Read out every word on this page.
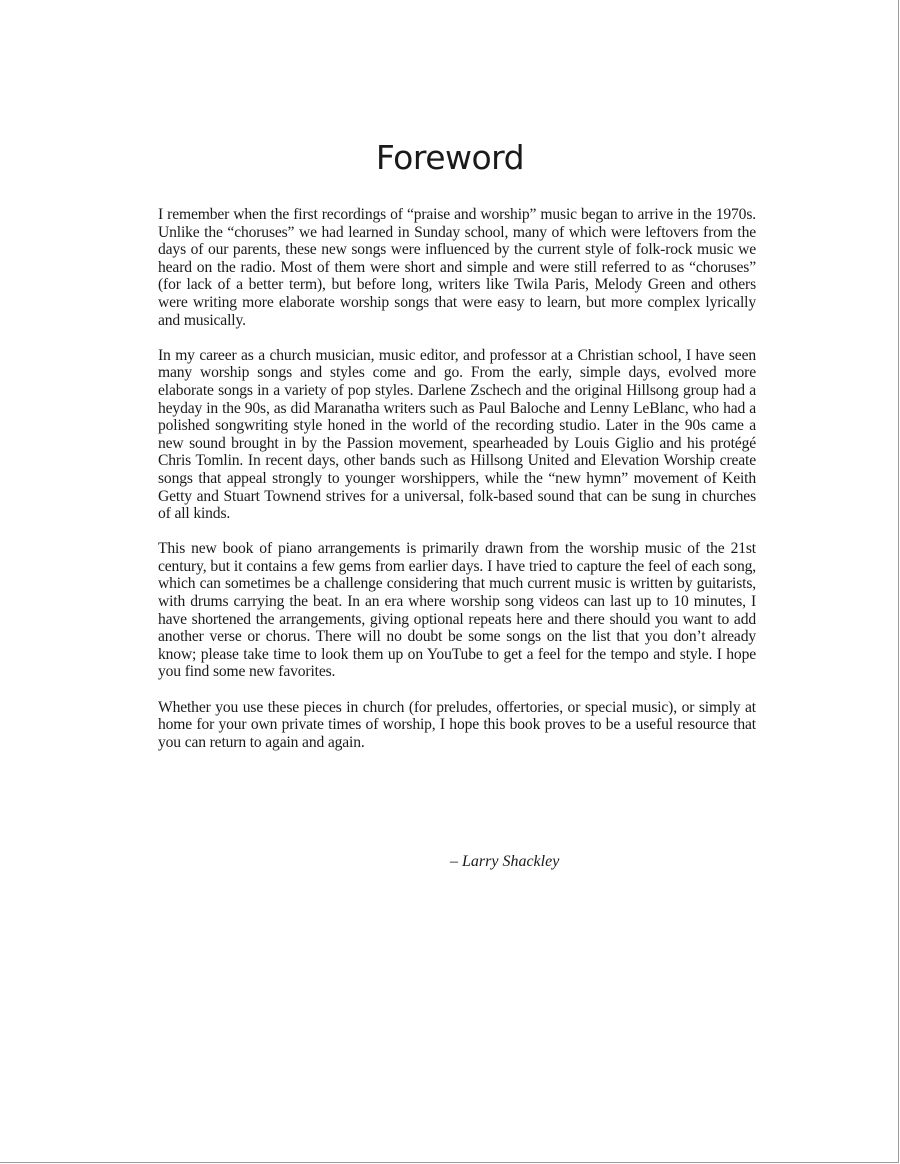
Foreword

I remember when the first recordings of “praise and worship” music began to arrive in the 1970s. Unlike the “choruses” we had learned in Sunday school, many of which were leftovers from the days of our parents, these new songs were influenced by the current style of folk-rock music we heard on the radio. Most of them were short and simple and were still referred to as “choruses” (for lack of a better term), but before long, writers like Twila Paris, Melody Green and others were writing more elaborate worship songs that were easy to learn, but more complex lyrically and musically.

In my career as a church musician, music editor, and professor at a Christian school, I have seen many worship songs and styles come and go. From the early, simple days, evolved more elaborate songs in a variety of pop styles. Darlene Zschech and the original Hillsong group had a heyday in the 90s, as did Maranatha writers such as Paul Baloche and Lenny LeBlanc, who had a polished songwriting style honed in the world of the recording studio. Later in the 90s came a new sound brought in by the Passion movement, spearheaded by Louis Giglio and his protégé Chris Tomlin. In recent days, other bands such as Hillsong United and Elevation Worship create songs that appeal strongly to younger worshippers, while the “new hymn” movement of Keith Getty and Stuart Townend strives for a universal, folk-based sound that can be sung in churches of all kinds.

This new book of piano arrangements is primarily drawn from the worship music of the 21st century, but it contains a few gems from earlier days. I have tried to capture the feel of each song, which can sometimes be a challenge considering that much current music is written by guitarists, with drums carrying the beat. In an era where worship song videos can last up to 10 minutes, I have shortened the arrangements, giving optional repeats here and there should you want to add another verse or chorus. There will no doubt be some songs on the list that you don’t already know; please take time to look them up on YouTube to get a feel for the tempo and style. I hope you find some new favorites.

Whether you use these pieces in church (for preludes, offertories, or special music), or simply at home for your own private times of worship, I hope this book proves to be a useful resource that you can return to again and again.

– Larry Shackley
